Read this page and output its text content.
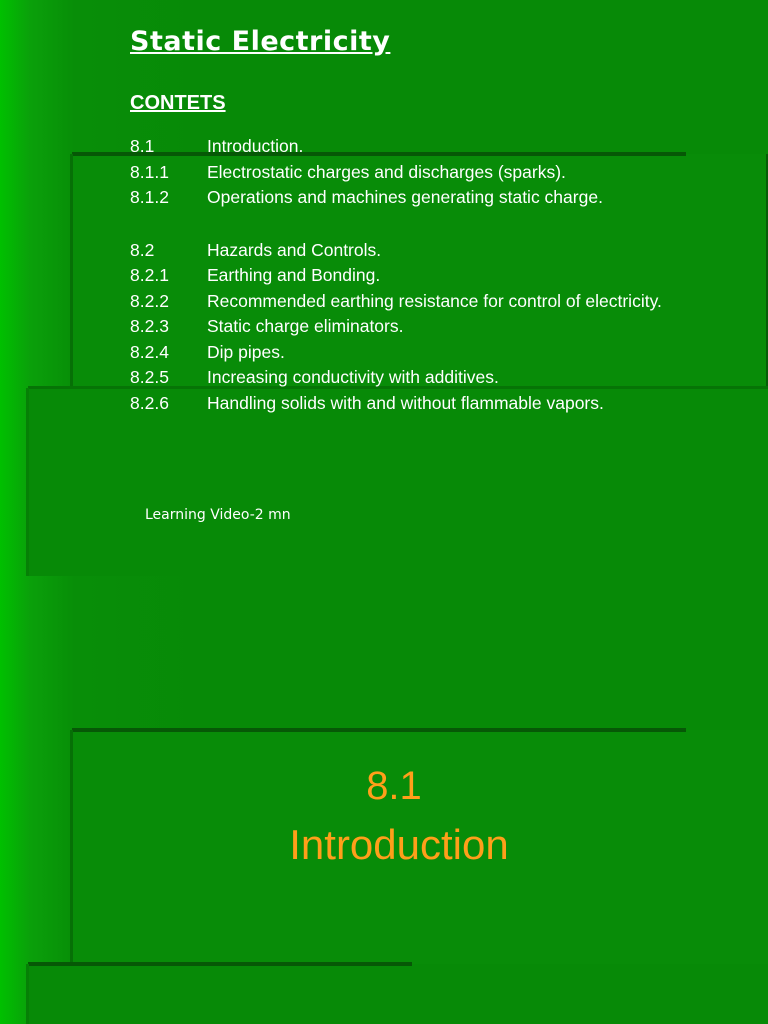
Static Electricity
CONTETS
8.1	Introduction.
8.1.1 Electrostatic charges and discharges (sparks).
8.1.2 Operations and machines generating static charge.
8.2	Hazards and Controls.
8.2.1 Earthing and Bonding.
8.2.2 Recommended earthing resistance for control of electricity.
8.2.3 Static charge eliminators.
8.2.4 Dip pipes.
8.2.5 Increasing conductivity with additives.
8.2.6 Handling solids with and without flammable vapors.

Learning Video-2 mn

8.1

Introduction
